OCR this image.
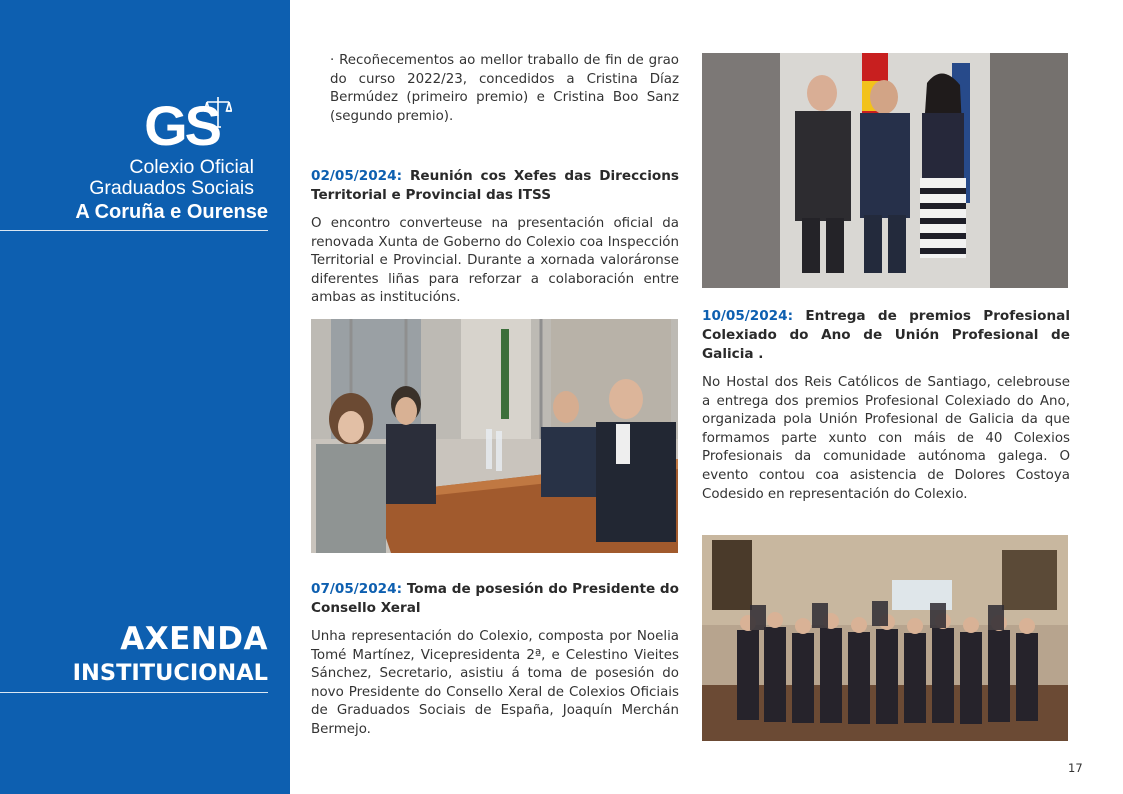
GS
Colexio Oficial
Graduados Sociais
A Coruña e Ourense
AXENDA
INSTITUCIONAL

· Recoñecementos ao mellor traballo de fin de grao do curso 2022/23, concedidos a Cristina Díaz Bermúdez (primeiro premio) e Cristina Boo Sanz (segundo premio).

02/05/2024: Reunión cos Xefes das Direccions Territorial e Provincial das ITSS

O encontro converteuse na presentación oficial da renovada Xunta de Goberno do Colexio coa Inspección Territorial e Provincial. Durante a xornada valoráronse diferentes liñas para reforzar a colaboración entre ambas as institucións.

07/05/2024: Toma de posesión do Presidente do Consello Xeral

Unha representación do Colexio, composta por Noelia Tomé Martínez, Vicepresidenta 2ª, e Celestino Vieites Sánchez, Secretario, asistiu á toma de posesión do novo Presidente do Consello Xeral de Colexios Oficiais de Graduados Sociais de España, Joaquín Merchán Bermejo.

10/05/2024: Entrega de premios Profesional Colexiado do Ano de Unión Profesional de Galicia .

No Hostal dos Reis Católicos de Santiago, celebrouse a entrega dos premios Profesional Colexiado do Ano, organizada pola Unión Profesional de Galicia da que formamos parte xunto con máis de 40 Colexios Profesionais da comunidade autónoma galega. O evento contou coa asistencia de Dolores Costoya Codesido en representación do Colexio.

17
